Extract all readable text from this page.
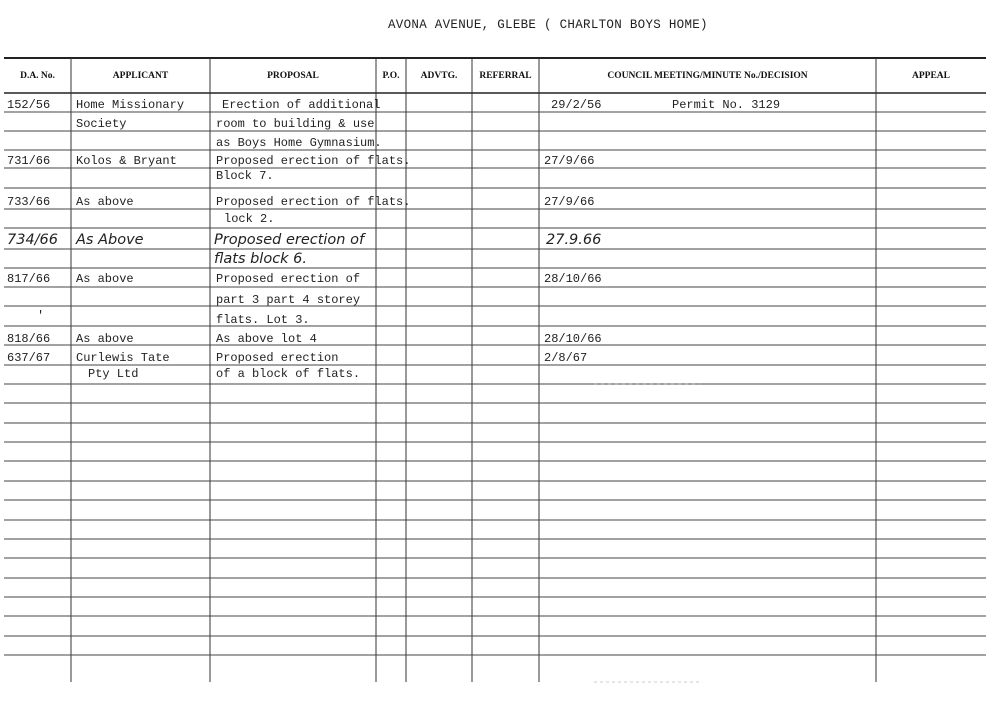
AVONA AVENUE, GLEBE ( CHARLTON BOYS HOME)
D.A. No.	APPLICANT	PROPOSAL	P.O.	ADVTG.	REFERRAL	COUNCIL MEETING/MINUTE No./DECISION	APPEAL
152/56 Home Missionary	Erection of additional	29/2/56	Permit No. 3129
Society	room to building & use
as Boys Home Gymnasium.
731/66 Kolos & Bryant	Proposed erection of flats.	27/9/66
Block 7.
733/66 As above	Proposed erection of flats.	27/9/66
lock 2.
734/66 As Above	Proposed erection of	27.9.66
flats block 6.
817/66 As above	Proposed erection of	28/10/66
part 3 part 4 storey
'	flats. Lot 3.
818/66 As above	As above lot 4	28/10/66
637/67 Curlewis Tate	Proposed erection	2/8/67
Pty Ltd	of a block of flats.
